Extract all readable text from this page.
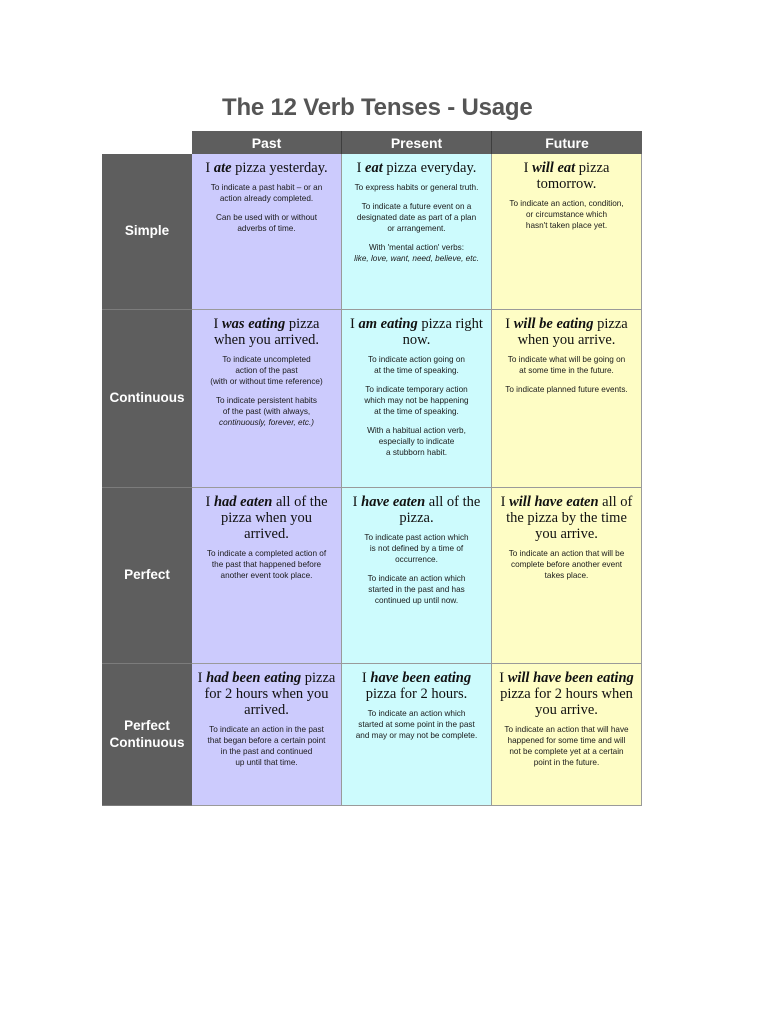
The 12 Verb Tenses - Usage
Past	Present	Future
Simple
Continuous
Perfect
Perfect
Continuous

I ate pizza yesterday.

To indicate a past habit – or an
action already completed.

Can be used with or without
adverbs of time.

I eat pizza everyday.

To express habits or general truth.

To indicate a future event on a
designated date as part of a plan
or arrangement.

With 'mental action' verbs:

like, love, want, need, believe, etc.

I will eat pizza tomorrow.

To indicate an action, condition,
or circumstance which
hasn't taken place yet.

I was eating pizza when you arrived.

To indicate uncompleted
action of the past
(with or without time reference)

To indicate persistent habits
of the past (with always,

continuously, forever, etc.)

I am eating pizza right now.

To indicate action going on
at the time of speaking.

To indicate temporary action
which may not be happening
at the time of speaking.

With a habitual action verb,
especially to indicate
a stubborn habit.

I will be eating pizza when you arrive.

To indicate what will be going on
at some time in the future.

To indicate planned future events.

I had eaten all of the pizza when you arrived.

To indicate a completed action of
the past that happened before
another event took place.

I have eaten all of the pizza.

To indicate past action which
is not defined by a time of
occurrence.

To indicate an action which
started in the past and has
continued up until now.

I will have eaten all of the pizza by the time you arrive.

To indicate an action that will be
complete before another event
takes place.

I had been eating pizza for 2 hours when you arrived.

To indicate an action in the past
that began before a certain point
in the past and continued
up until that time.

I have been eating pizza for 2 hours.

To indicate an action which
started at some point in the past
and may or may not be complete.

I will have been eating pizza for 2 hours when you arrive.

To indicate an action that will have
happened for some time and will
not be complete yet at a certain
point in the future.
